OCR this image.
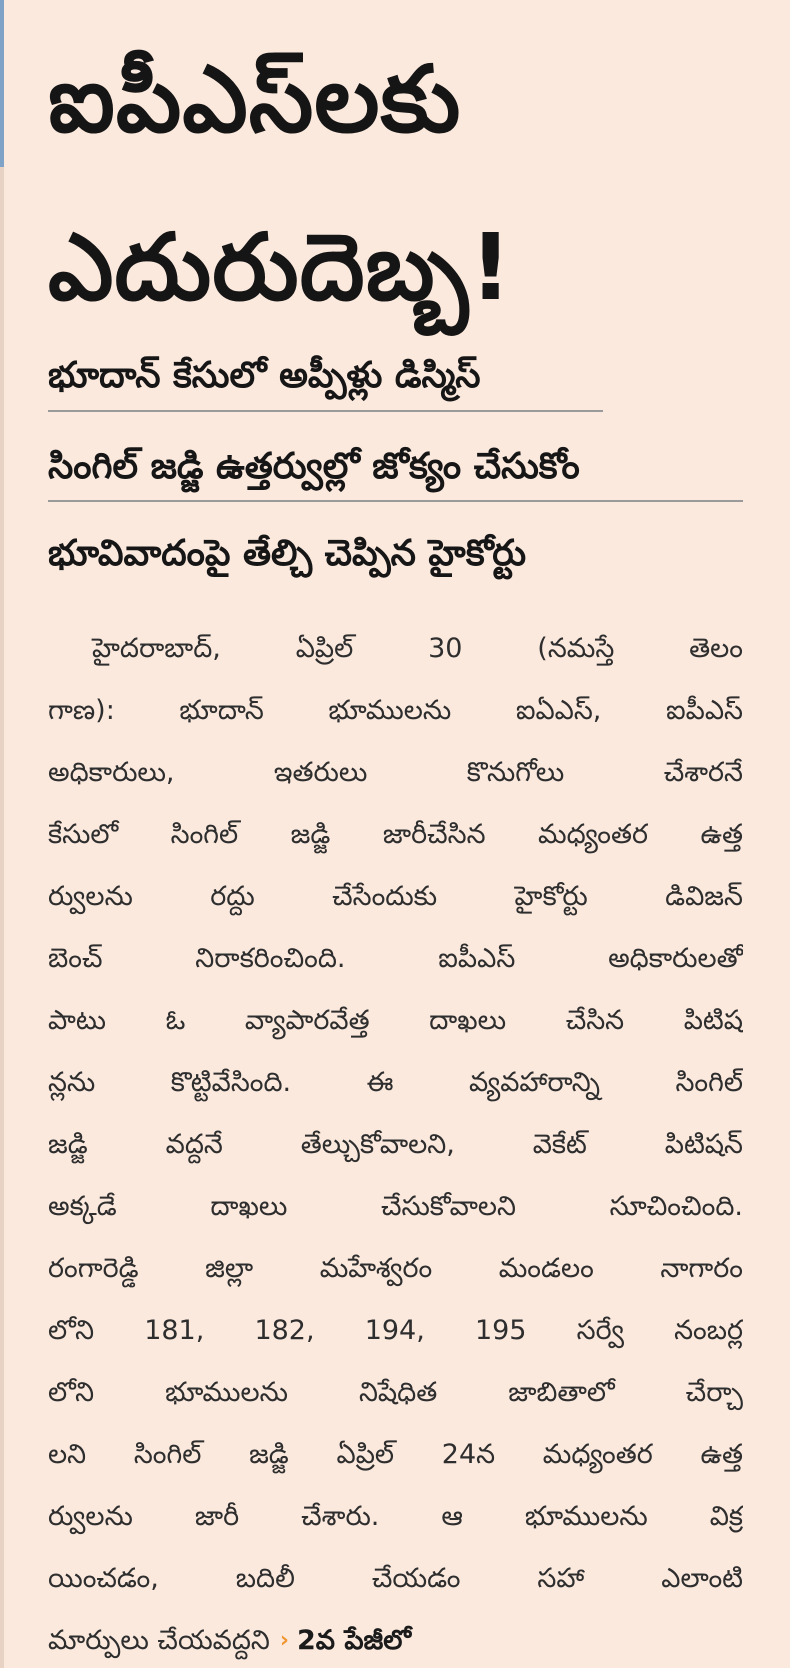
ఐపీఎస్‌లకు
ఎదురుదెబ్బ!
భూదాన్ కేసులో అప్పీళ్లు డిస్మిస్
సింగిల్ జడ్జి ఉత్తర్వుల్లో జోక్యం చేసుకోం
భూవివాదంపై తేల్చి చెప్పిన హైకోర్టు
హైదరాబాద్, ఏప్రిల్ 30 (నమస్తే తెలం
గాణ): భూదాన్ భూములను ఐఏఎస్, ఐపీఎస్
అధికారులు, ఇతరులు కొనుగోలు చేశారనే
కేసులో సింగిల్ జడ్జి జారీచేసిన మధ్యంతర ఉత్త
ర్వులను రద్దు చేసేందుకు హైకోర్టు డివిజన్
బెంచ్ నిరాకరించింది. ఐపీఎస్ అధికారులతో
పాటు ఓ వ్యాపారవేత్త దాఖలు చేసిన పిటిష
న్లను కొట్టివేసింది. ఈ వ్యవహారాన్ని సింగిల్
జడ్జి వద్దనే తేల్చుకోవాలని, వెకేట్ పిటిషన్
అక్కడే దాఖలు చేసుకోవాలని సూచించింది.
రంగారెడ్డి జిల్లా మహేశ్వరం మండలం నాగారం
లోని 181, 182, 194, 195 సర్వే నంబర్ల
లోని భూములను నిషేధిత జాబితాలో చేర్చా
లని సింగిల్ జడ్జి ఏప్రిల్ 24న మధ్యంతర ఉత్త
ర్వులను జారీ చేశారు. ఆ భూములను విక్ర
యించడం, బదిలీ చేయడం సహా ఎలాంటి
మార్పులు చేయవద్దని › 2వ పేజీలో
